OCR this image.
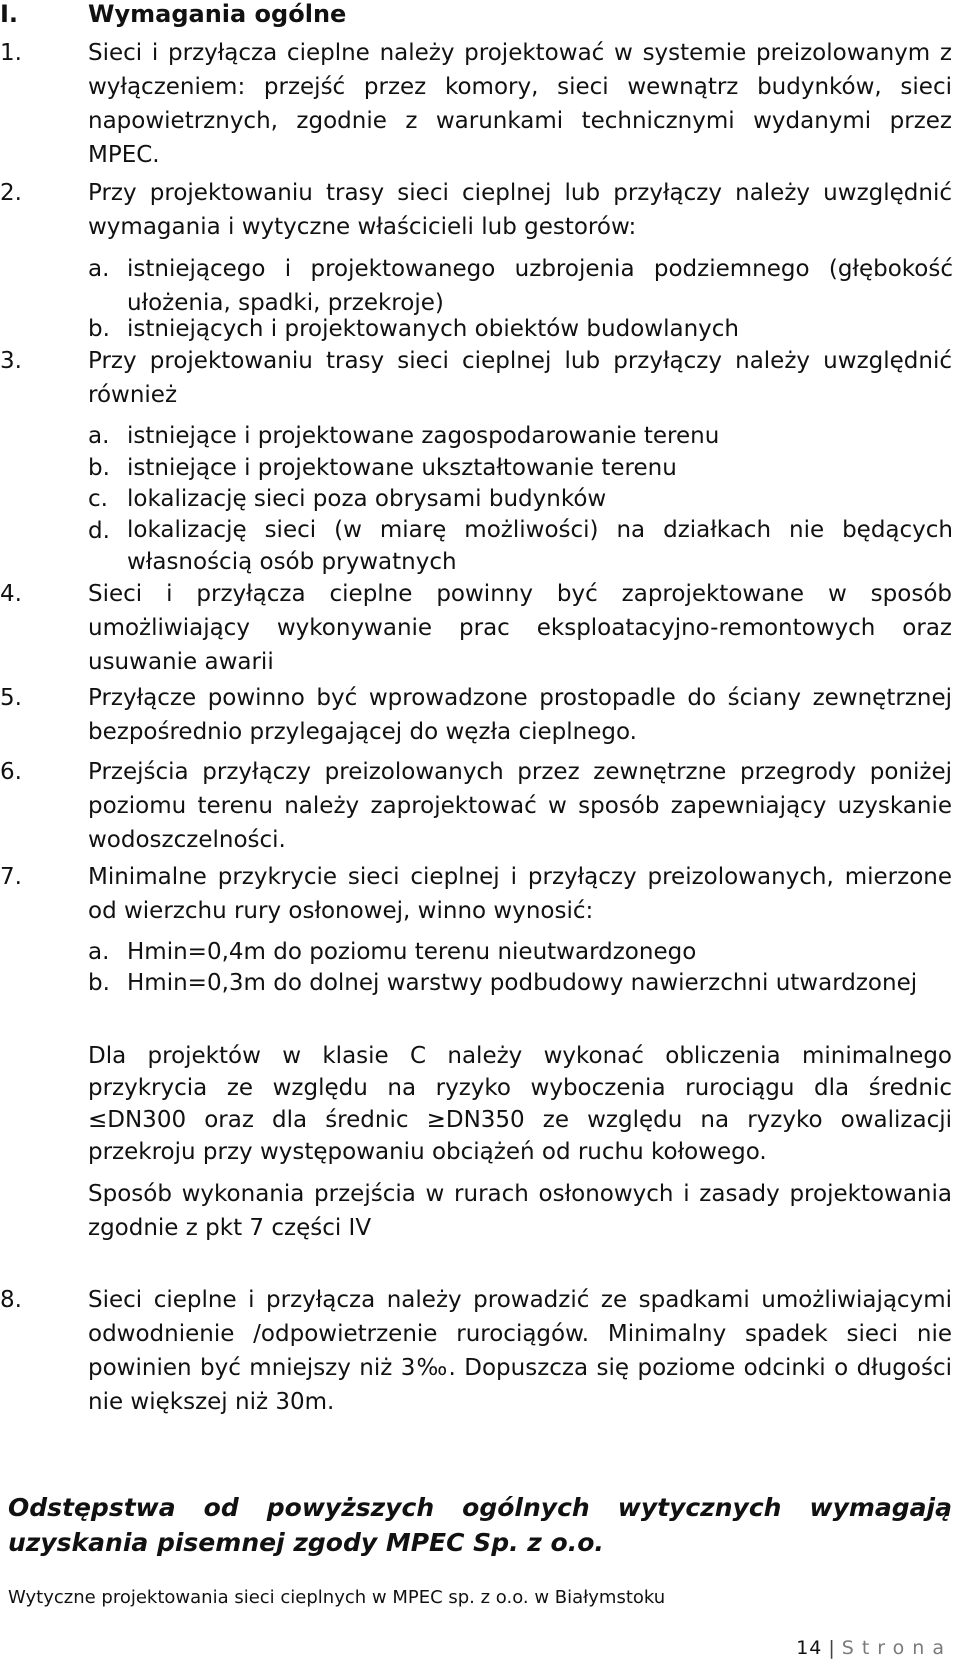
I.	Wymagania ogólne
1.	Sieci i przyłącza cieplne należy projektować w systemie preizolowanym z wyłączeniem: przejść przez komory, sieci wewnątrz budynków, sieci napowietrznych, zgodnie z warunkami technicznymi wydanymi przez MPEC.
2.	Przy projektowaniu trasy sieci cieplnej lub przyłączy należy uwzględnić wymagania i wytyczne właścicieli lub gestorów:
a. istniejącego i projektowanego uzbrojenia podziemnego (głębokość ułożenia, spadki, przekroje)
b. istniejących i projektowanych obiektów budowlanych
3.	Przy projektowaniu trasy sieci cieplnej lub przyłączy należy uwzględnić również
a. istniejące i projektowane zagospodarowanie terenu
b. istniejące i projektowane ukształtowanie terenu
c. lokalizację sieci poza obrysami budynków
d. lokalizację sieci (w miarę możliwości) na działkach nie będących własnością osób prywatnych
4.	Sieci i przyłącza cieplne powinny być zaprojektowane w sposób umożliwiający wykonywanie prac eksploatacyjno-remontowych oraz usuwanie awarii
5.	Przyłącze powinno być wprowadzone prostopadle do ściany zewnętrznej bezpośrednio przylegającej do węzła cieplnego.
6.	Przejścia przyłączy preizolowanych przez zewnętrzne przegrody poniżej poziomu terenu należy zaprojektować w sposób zapewniający uzyskanie wodoszczelności.
7.	Minimalne przykrycie sieci cieplnej i przyłączy preizolowanych, mierzone od wierzchu rury osłonowej, winno wynosić:
a. Hmin=0,4m do poziomu terenu nieutwardzonego
b. Hmin=0,3m do dolnej warstwy podbudowy nawierzchni utwardzonej
Dla projektów w klasie C należy wykonać obliczenia minimalnego przykrycia ze względu na ryzyko wyboczenia rurociągu dla średnic ≤DN300 oraz dla średnic ≥DN350 ze względu na ryzyko owalizacji przekroju przy występowaniu obciążeń od ruchu kołowego.
Sposób wykonania przejścia w rurach osłonowych i zasady projektowania zgodnie z pkt 7 części IV
8.	Sieci cieplne i przyłącza należy prowadzić ze spadkami umożliwiającymi odwodnienie /odpowietrzenie rurociągów. Minimalny spadek sieci nie powinien być mniejszy niż 3‰. Dopuszcza się poziome odcinki o długości nie większej niż 30m.
Odstępstwa od powyższych ogólnych wytycznych wymagają uzyskania pisemnej zgody MPEC Sp. z o.o.
Wytyczne projektowania sieci cieplnych w MPEC sp. z o.o. w Białymstoku
14 | Strona
